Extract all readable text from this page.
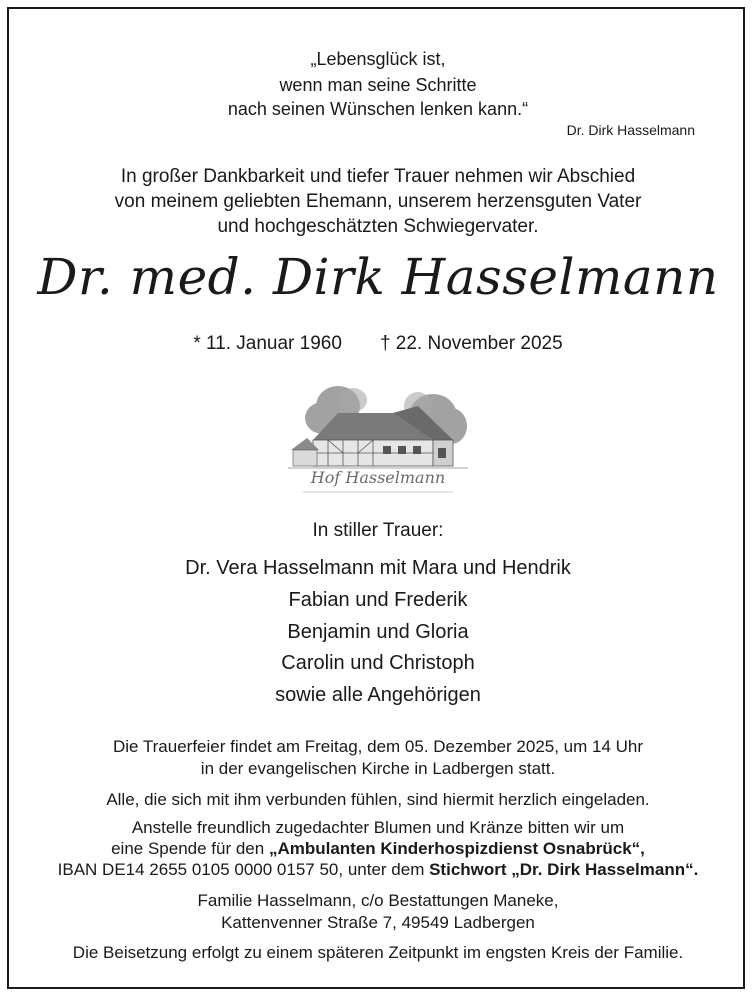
„Lebensglück ist,
wenn man seine Schritte
nach seinen Wünschen lenken kann.“
Dr. Dirk Hasselmann
In großer Dankbarkeit und tiefer Trauer nehmen wir Abschied
von meinem geliebten Ehemann, unserem herzensguten Vater
und hochgeschätzten Schwiegervater.
Dr. med. Dirk Hasselmann
* 11. Januar 1960 † 22. November 2025
Hof Hasselmann
In stiller Trauer:
Dr. Vera Hasselmann mit Mara und Hendrik
Fabian und Frederik
Benjamin und Gloria
Carolin und Christoph
sowie alle Angehörigen
Die Trauerfeier findet am Freitag, dem 05. Dezember 2025, um 14 Uhr
in der evangelischen Kirche in Ladbergen statt.
Alle, die sich mit ihm verbunden fühlen, sind hiermit herzlich eingeladen.
Anstelle freundlich zugedachter Blumen und Kränze bitten wir um
eine Spende für den „Ambulanten Kinderhospizdienst Osnabrück“,
IBAN DE14 2655 0105 0000 0157 50, unter dem Stichwort „Dr. Dirk Hasselmann“.
Familie Hasselmann, c/o Bestattungen Maneke,
Kattenvenner Straße 7, 49549 Ladbergen
Die Beisetzung erfolgt zu einem späteren Zeitpunkt im engsten Kreis der Familie.
